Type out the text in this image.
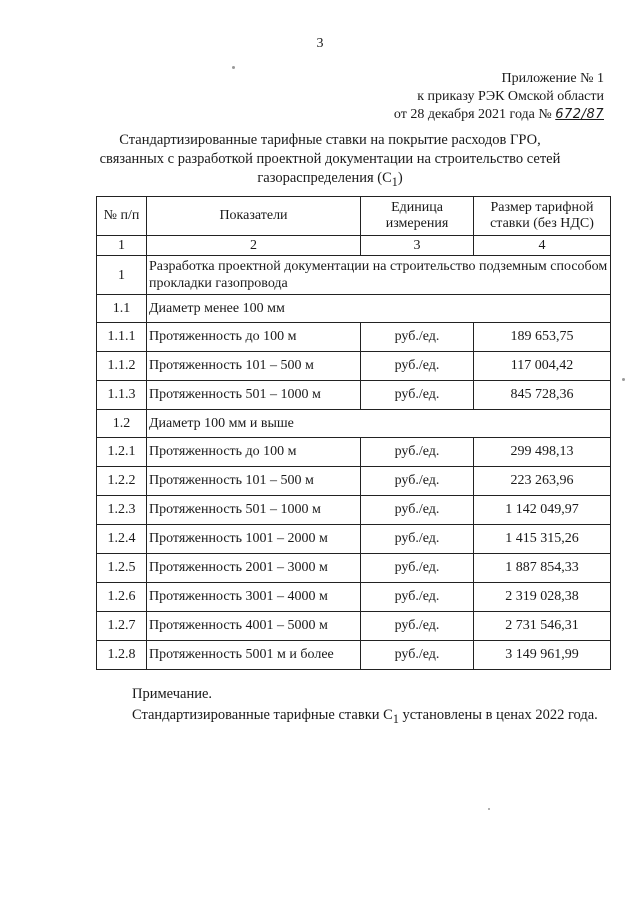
3
Приложение № 1
к приказу РЭК Омской области
от 28 декабря 2021 года № 672/87
Стандартизированные тарифные ставки на покрытие расходов ГРО,
связанных с разработкой проектной документации на строительство сетей
газораспределения $(С_1)$
№ п/п	Показатели	Единица измерения	Размер тарифной ставки (без НДС)
1	2	3	4
1	Разработка проектной документации на строительство подземным способом прокладки газопровода		
1.1	Диаметр менее 100 мм		
1.1.1	Протяженность до 100 м	руб./ед.	189 653,75
1.1.2	Протяженность 101 – 500 м	руб./ед.	117 004,42
1.1.3	Протяженность 501 – 1000 м	руб./ед.	845 728,36
1.2	Диаметр 100 мм и выше		
1.2.1	Протяженность до 100 м	руб./ед.	299 498,13
1.2.2	Протяженность 101 – 500 м	руб./ед.	223 263,96
1.2.3	Протяженность 501 – 1000 м	руб./ед.	1 142 049,97
1.2.4	Протяженность 1001 – 2000 м	руб./ед.	1 415 315,26
1.2.5	Протяженность 2001 – 3000 м	руб./ед.	1 887 854,33
1.2.6	Протяженность 3001 – 4000 м	руб./ед.	2 319 028,38
1.2.7	Протяженность 4001 – 5000 м	руб./ед.	2 731 546,31
1.2.8	Протяженность 5001 м и более	руб./ед.	3 149 961,99
Примечание.
Стандартизированные тарифные ставки $С_1$ установлены в ценах 2022 года.
